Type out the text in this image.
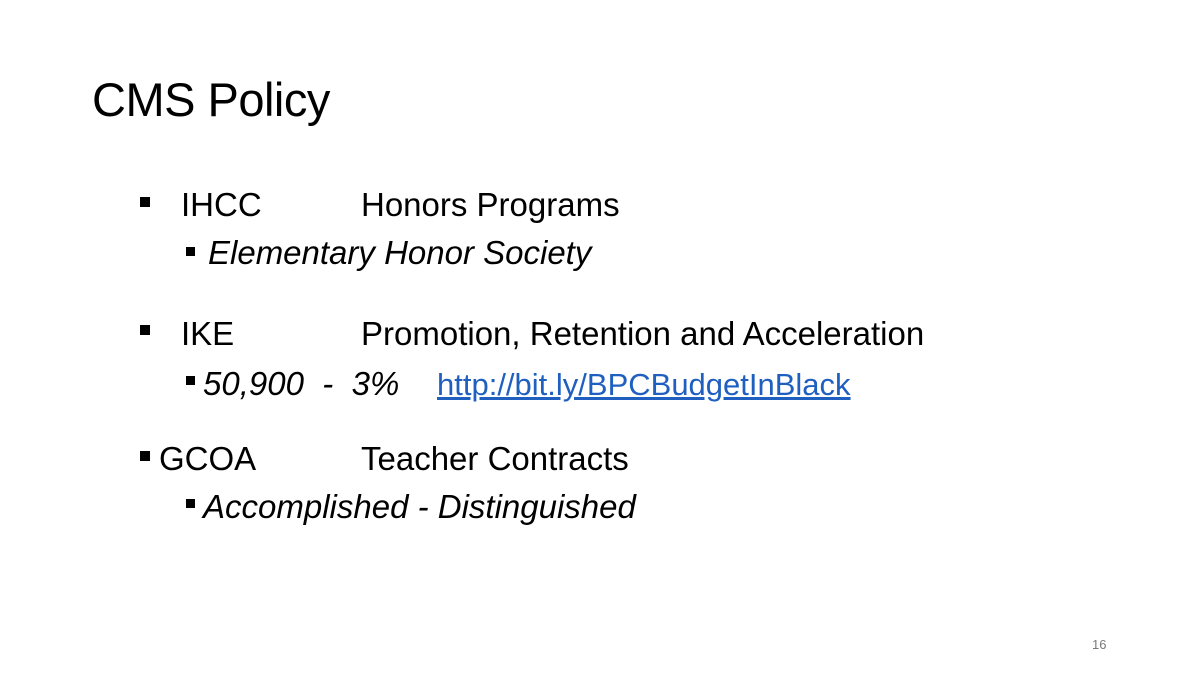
CMS Policy
IHCC	Honors Programs
Elementary Honor Society
IKE	Promotion, Retention and Acceleration
50,900  -  3% http://bit.ly/BPCBudgetInBlack
GCOA	Teacher Contracts
Accomplished - Distinguished
16
